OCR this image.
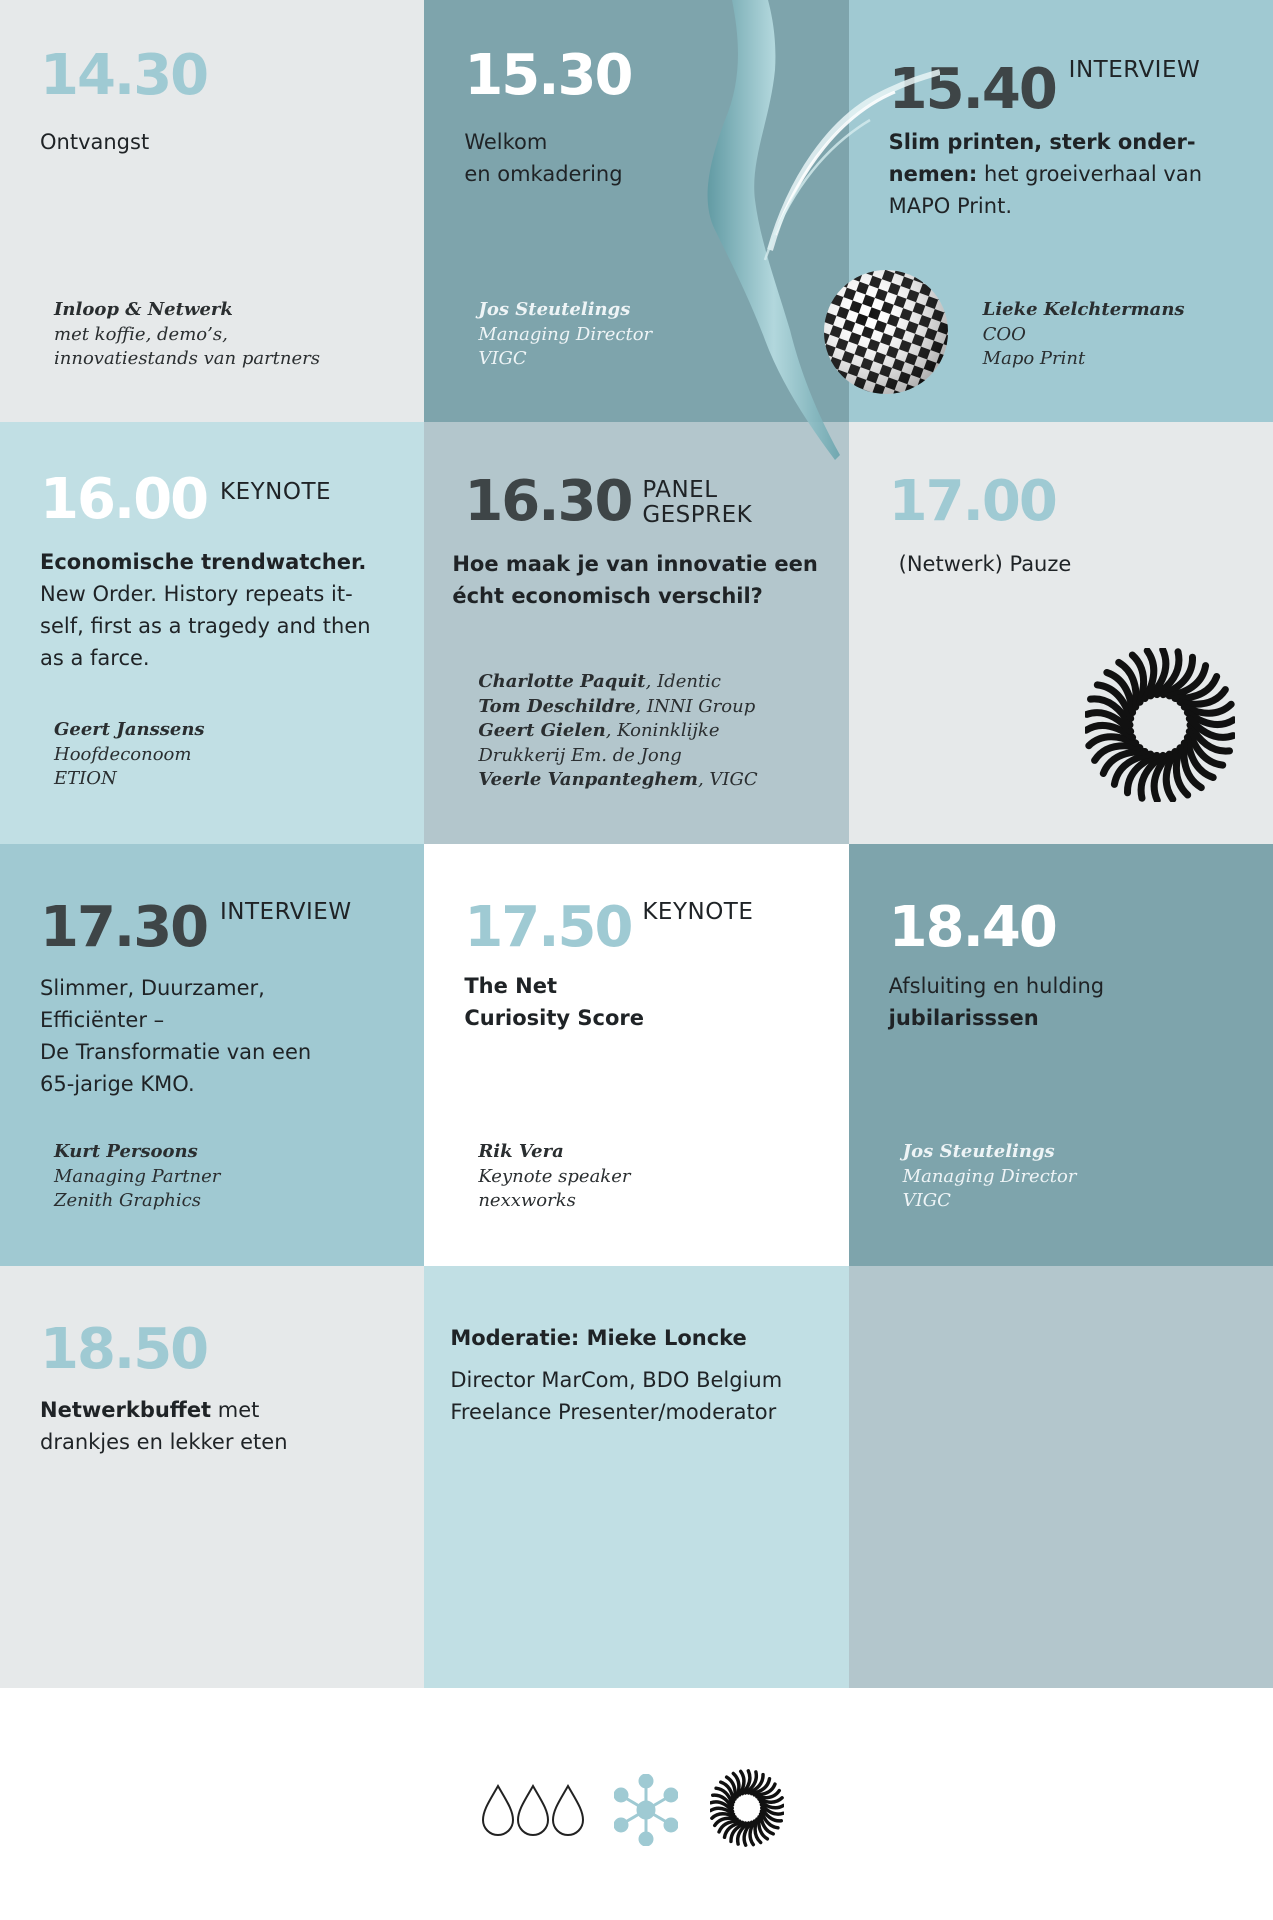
14.30
Ontvangst
Inloop & Netwerk
met koffie, demo’s,
innovatiestands van partners
15.30
Welkom
en omkadering
Jos Steutelings
Managing Director
VIGC
15.40 INTERVIEW
Slim printen, sterk onder-nemen: het groeiverhaal van MAPO Print.
Lieke Kelchtermans
COO
Mapo Print
16.00 KEYNOTE
Economische trendwatcher.
New Order. History repeats it-self, first as a tragedy and then as a farce.
Geert Janssens
Hoofdeconoom
ETION
16.30 PANEL
GESPREK
Hoe maak je van innovatie een écht economisch verschil?
Charlotte Paquit, Identic
Tom Deschildre, INNI Group
Geert Gielen, Koninklijke
Drukkerij Em. de Jong
Veerle Vanpanteghem, VIGC
17.00
(Netwerk) Pauze
17.30 INTERVIEW
Slimmer, Duurzamer,
Efficiënter –
De Transformatie van een
65-jarige KMO.
Kurt Persoons
Managing Partner
Zenith Graphics
17.50 KEYNOTE
The Net
Curiosity Score
Rik Vera
Keynote speaker
nexxworks
18.40
Afsluiting en hulding jubilarisssen
Jos Steutelings
Managing Director
VIGC
18.50
Netwerkbuffet met drankjes en lekker eten
Moderatie: Mieke Loncke
Director MarCom, BDO Belgium
Freelance Presenter/moderator
